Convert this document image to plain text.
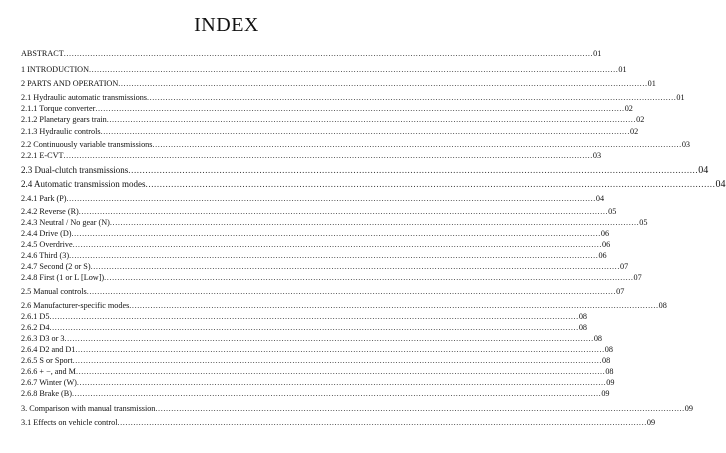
INDEX
ABSTRACT ........................................................................................................................................................................................................ 01
1 INTRODUCTION ........................................................................................................................................................................................................ 01
2 PARTS AND OPERATION ........................................................................................................................................................................................................ 01
2.1 Hydraulic automatic transmissions ........................................................................................................................................................................................................ 01
2.1.1 Torque converter ........................................................................................................................................................................................................ 02
2.1.2 Planetary gears train ........................................................................................................................................................................................................ 02
2.1.3 Hydraulic controls ........................................................................................................................................................................................................ 02
2.2 Continuously variable transmissions ........................................................................................................................................................................................................ 03
2.2.1 E-CVT ........................................................................................................................................................................................................ 03
2.3 Dual-clutch transmissions ........................................................................................................................................................................................................ 04
2.4 Automatic transmission modes ........................................................................................................................................................................................................ 04
2.4.1 Park (P) ........................................................................................................................................................................................................ 04
2.4.2 Reverse (R) ........................................................................................................................................................................................................ 05
2.4.3 Neutral / No gear (N) ........................................................................................................................................................................................................ 05
2.4.4 Drive (D) ........................................................................................................................................................................................................ 06
2.4.5 Overdrive ........................................................................................................................................................................................................ 06
2.4.6 Third (3) ........................................................................................................................................................................................................ 06
2.4.7 Second (2 or S) ........................................................................................................................................................................................................ 07
2.4.8 First (1 or L [Low]) ........................................................................................................................................................................................................ 07
2.5 Manual controls ........................................................................................................................................................................................................ 07
2.6 Manufacturer-specific modes ........................................................................................................................................................................................................ 08
2.6.1 D5 ........................................................................................................................................................................................................ 08
2.6.2 D4 ........................................................................................................................................................................................................ 08
2.6.3 D3 or 3 ........................................................................................................................................................................................................ 08
2.6.4 D2 and D1 ........................................................................................................................................................................................................ 08
2.6.5 S or Sport ........................................................................................................................................................................................................ 08
2.6.6 + −, and M ........................................................................................................................................................................................................ 08
2.6.7 Winter (W) ........................................................................................................................................................................................................ 09
2.6.8 Brake (B) ........................................................................................................................................................................................................ 09
3. Comparison with manual transmission ........................................................................................................................................................................................................ 09
3.1 Effects on vehicle control ........................................................................................................................................................................................................ 09
